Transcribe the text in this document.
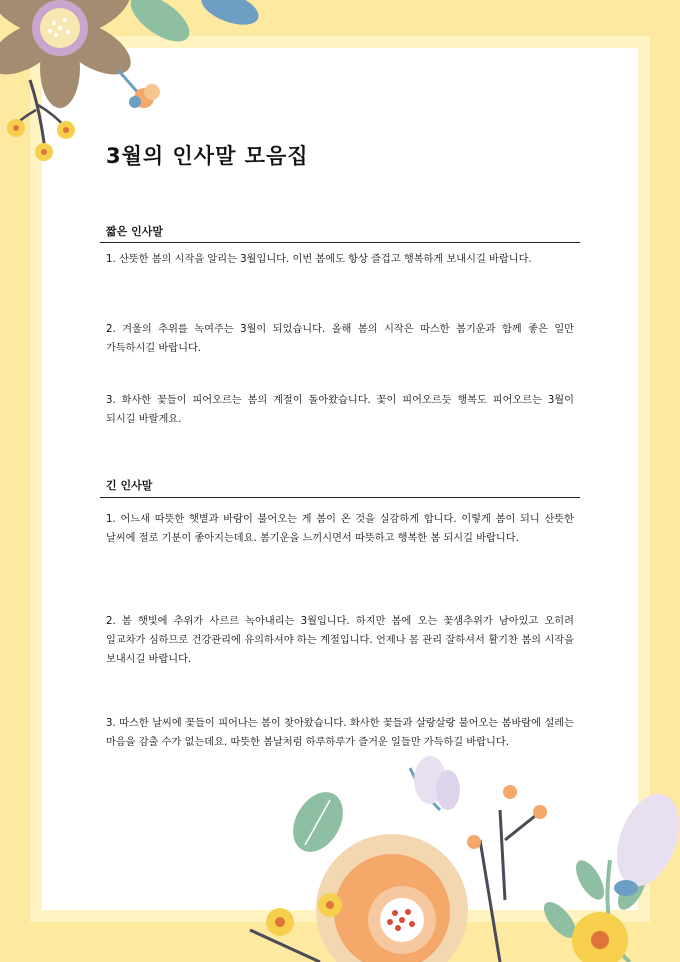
3월의 인사말 모음집
짧은 인사말

1. 산뜻한 봄의 시작을 알리는 3월입니다. 이번 봄에도 항상 즐겁고 행복하게 보내시길 바랍니다.

2. 겨울의 추위를 녹여주는 3월이 되었습니다. 올해 봄의 시작은 따스한 봄기운과 함께 좋은 일만 가득하시길 바랍니다.

3. 화사한 꽃들이 피어오르는 봄의 계절이 돌아왔습니다. 꽃이 피어오르듯 행복도 피어오르는 3월이 되시길 바랄게요.

긴 인사말

1. 어느새 따뜻한 햇볕과 바람이 불어오는 게 봄이 온 것을 실감하게 합니다. 이렇게 봄이 되니 산뜻한 날씨에 절로 기분이 좋아지는데요. 봄기운을 느끼시면서 따뜻하고 행복한 봄 되시길 바랍니다.

2. 봄 햇빛에 추위가 사르르 녹아내리는 3월입니다. 하지만 봄에 오는 꽃샘추위가 남아있고 오히려 일교차가 심하므로 건강관리에 유의하셔야 하는 계절입니다. 언제나 몸 관리 잘하셔서 활기찬 봄의 시작을 보내시길 바랍니다.

3. 따스한 날씨에 꽃들이 피어나는 봄이 찾아왔습니다. 화사한 꽃들과 살랑살랑 불어오는 봄바람에 설레는 마음을 감출 수가 없는데요. 따뜻한 봄날처럼 하루하루가 즐거운 일들만 가득하길 바랍니다.
